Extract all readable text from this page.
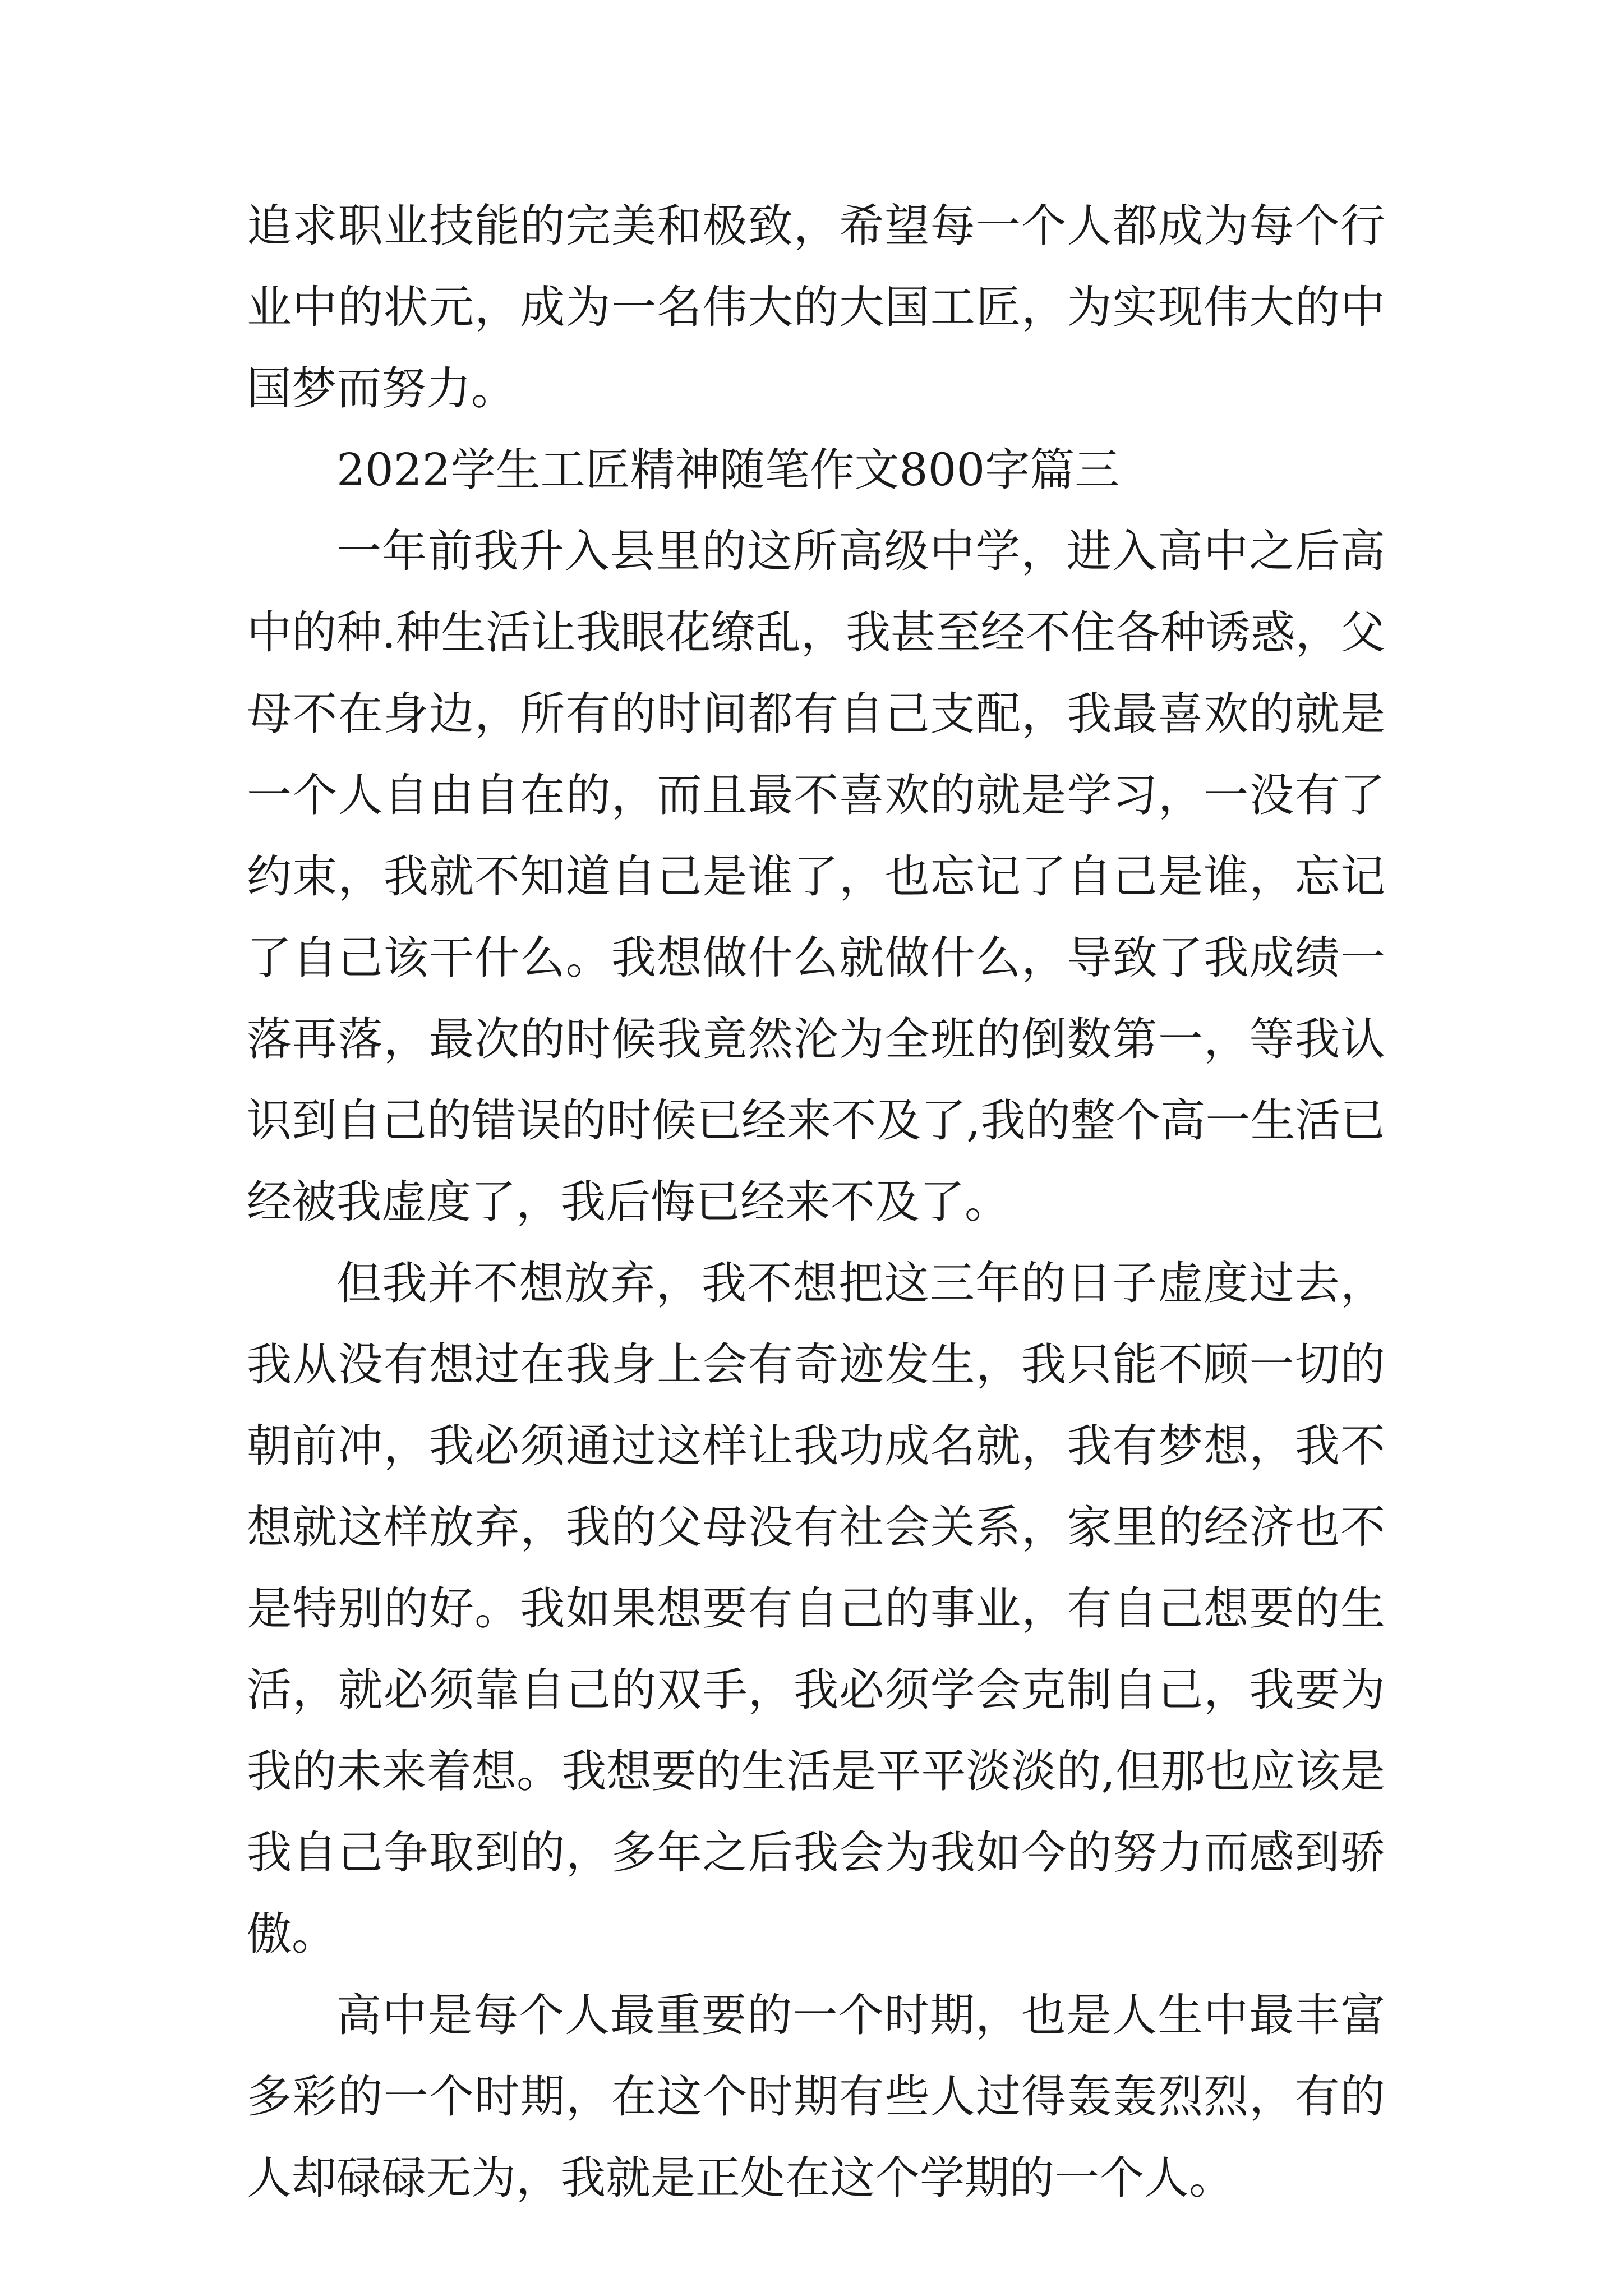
追求职业技能的完美和极致，希望每一个人都成为每个行业中的状元，成为一名伟大的大国工匠，为实现伟大的中国梦而努力。

2022学生工匠精神随笔作文800字篇三

一年前我升入县里的这所高级中学，进入高中之后高中的种.种生活让我眼花缭乱，我甚至经不住各种诱惑，父母不在身边，所有的时间都有自己支配，我最喜欢的就是一个人自由自在的，而且最不喜欢的就是学习，一没有了约束，我就不知道自己是谁了，也忘记了自己是谁，忘记了自己该干什么。我想做什么就做什么，导致了我成绩一落再落，最次的时候我竟然沦为全班的倒数第一，等我认识到自己的错误的时候已经来不及了,我的整个高一生活已经被我虚度了，我后悔已经来不及了。

但我并不想放弃，我不想把这三年的日子虚度过去，我从没有想过在我身上会有奇迹发生，我只能不顾一切的朝前冲，我必须通过这样让我功成名就，我有梦想，我不想就这样放弃，我的父母没有社会关系，家里的经济也不是特别的好。我如果想要有自己的事业，有自己想要的生活，就必须靠自己的双手，我必须学会克制自己，我要为我的未来着想。我想要的生活是平平淡淡的,但那也应该是我自己争取到的，多年之后我会为我如今的努力而感到骄傲。

高中是每个人最重要的一个时期，也是人生中最丰富多彩的一个时期，在这个时期有些人过得轰轰烈烈，有的人却碌碌无为，我就是正处在这个学期的一个人。
